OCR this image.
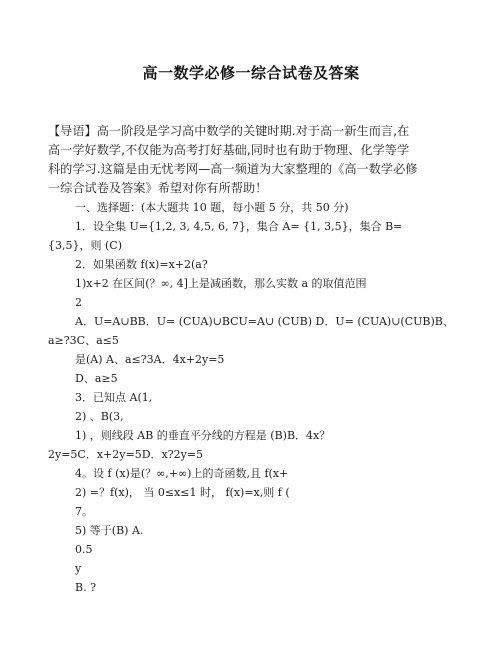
高一数学必修一综合试卷及答案
【导语】高一阶段是学习高中数学的关键时期.对于高一新生而言,在
高一学好数学,不仅能为高考打好基础,同时也有助于物理、化学等学
科的学习.这篇是由无忧考网—高一频道为大家整理的《高一数学必修
一综合试卷及答案》希望对你有所帮助！
一、选择题：(本大题共 10 题，每小题 5 分，共 50 分)
1．设全集 U={1,2, 3, 4,5, 6, 7}，集合 A= {1, 3,5}，集合 B=
{3,5}，则 (C)
2．如果函数 f(x)=x+2(a?
1)x+2 在区间(？∞, 4]上是减函数，那么实数 a 的取值范围
2
A．U=A∪BB．U= (CUA)∪BCU=A∪ (CUB) D．U= (CUA)∪(CUB)B、
a≥?3C、a≤5
是(A) A、a≤?3A．4x+2y=5
D、a≥5
3．已知点 A(1,
2) 、B(3,
1) ，则线段 AB 的垂直平分线的方程是 (B)B．4x？
2y=5C．x+2y=5D．x?2y=5
4。设 f (x)是(？∞,+∞)上的奇函数,且 f(x+
2) =？f(x)， 当 0≤x≤1 时， f(x)=x,则 f (
7。
5) 等于(B) A.
0.5
y
B. ?
